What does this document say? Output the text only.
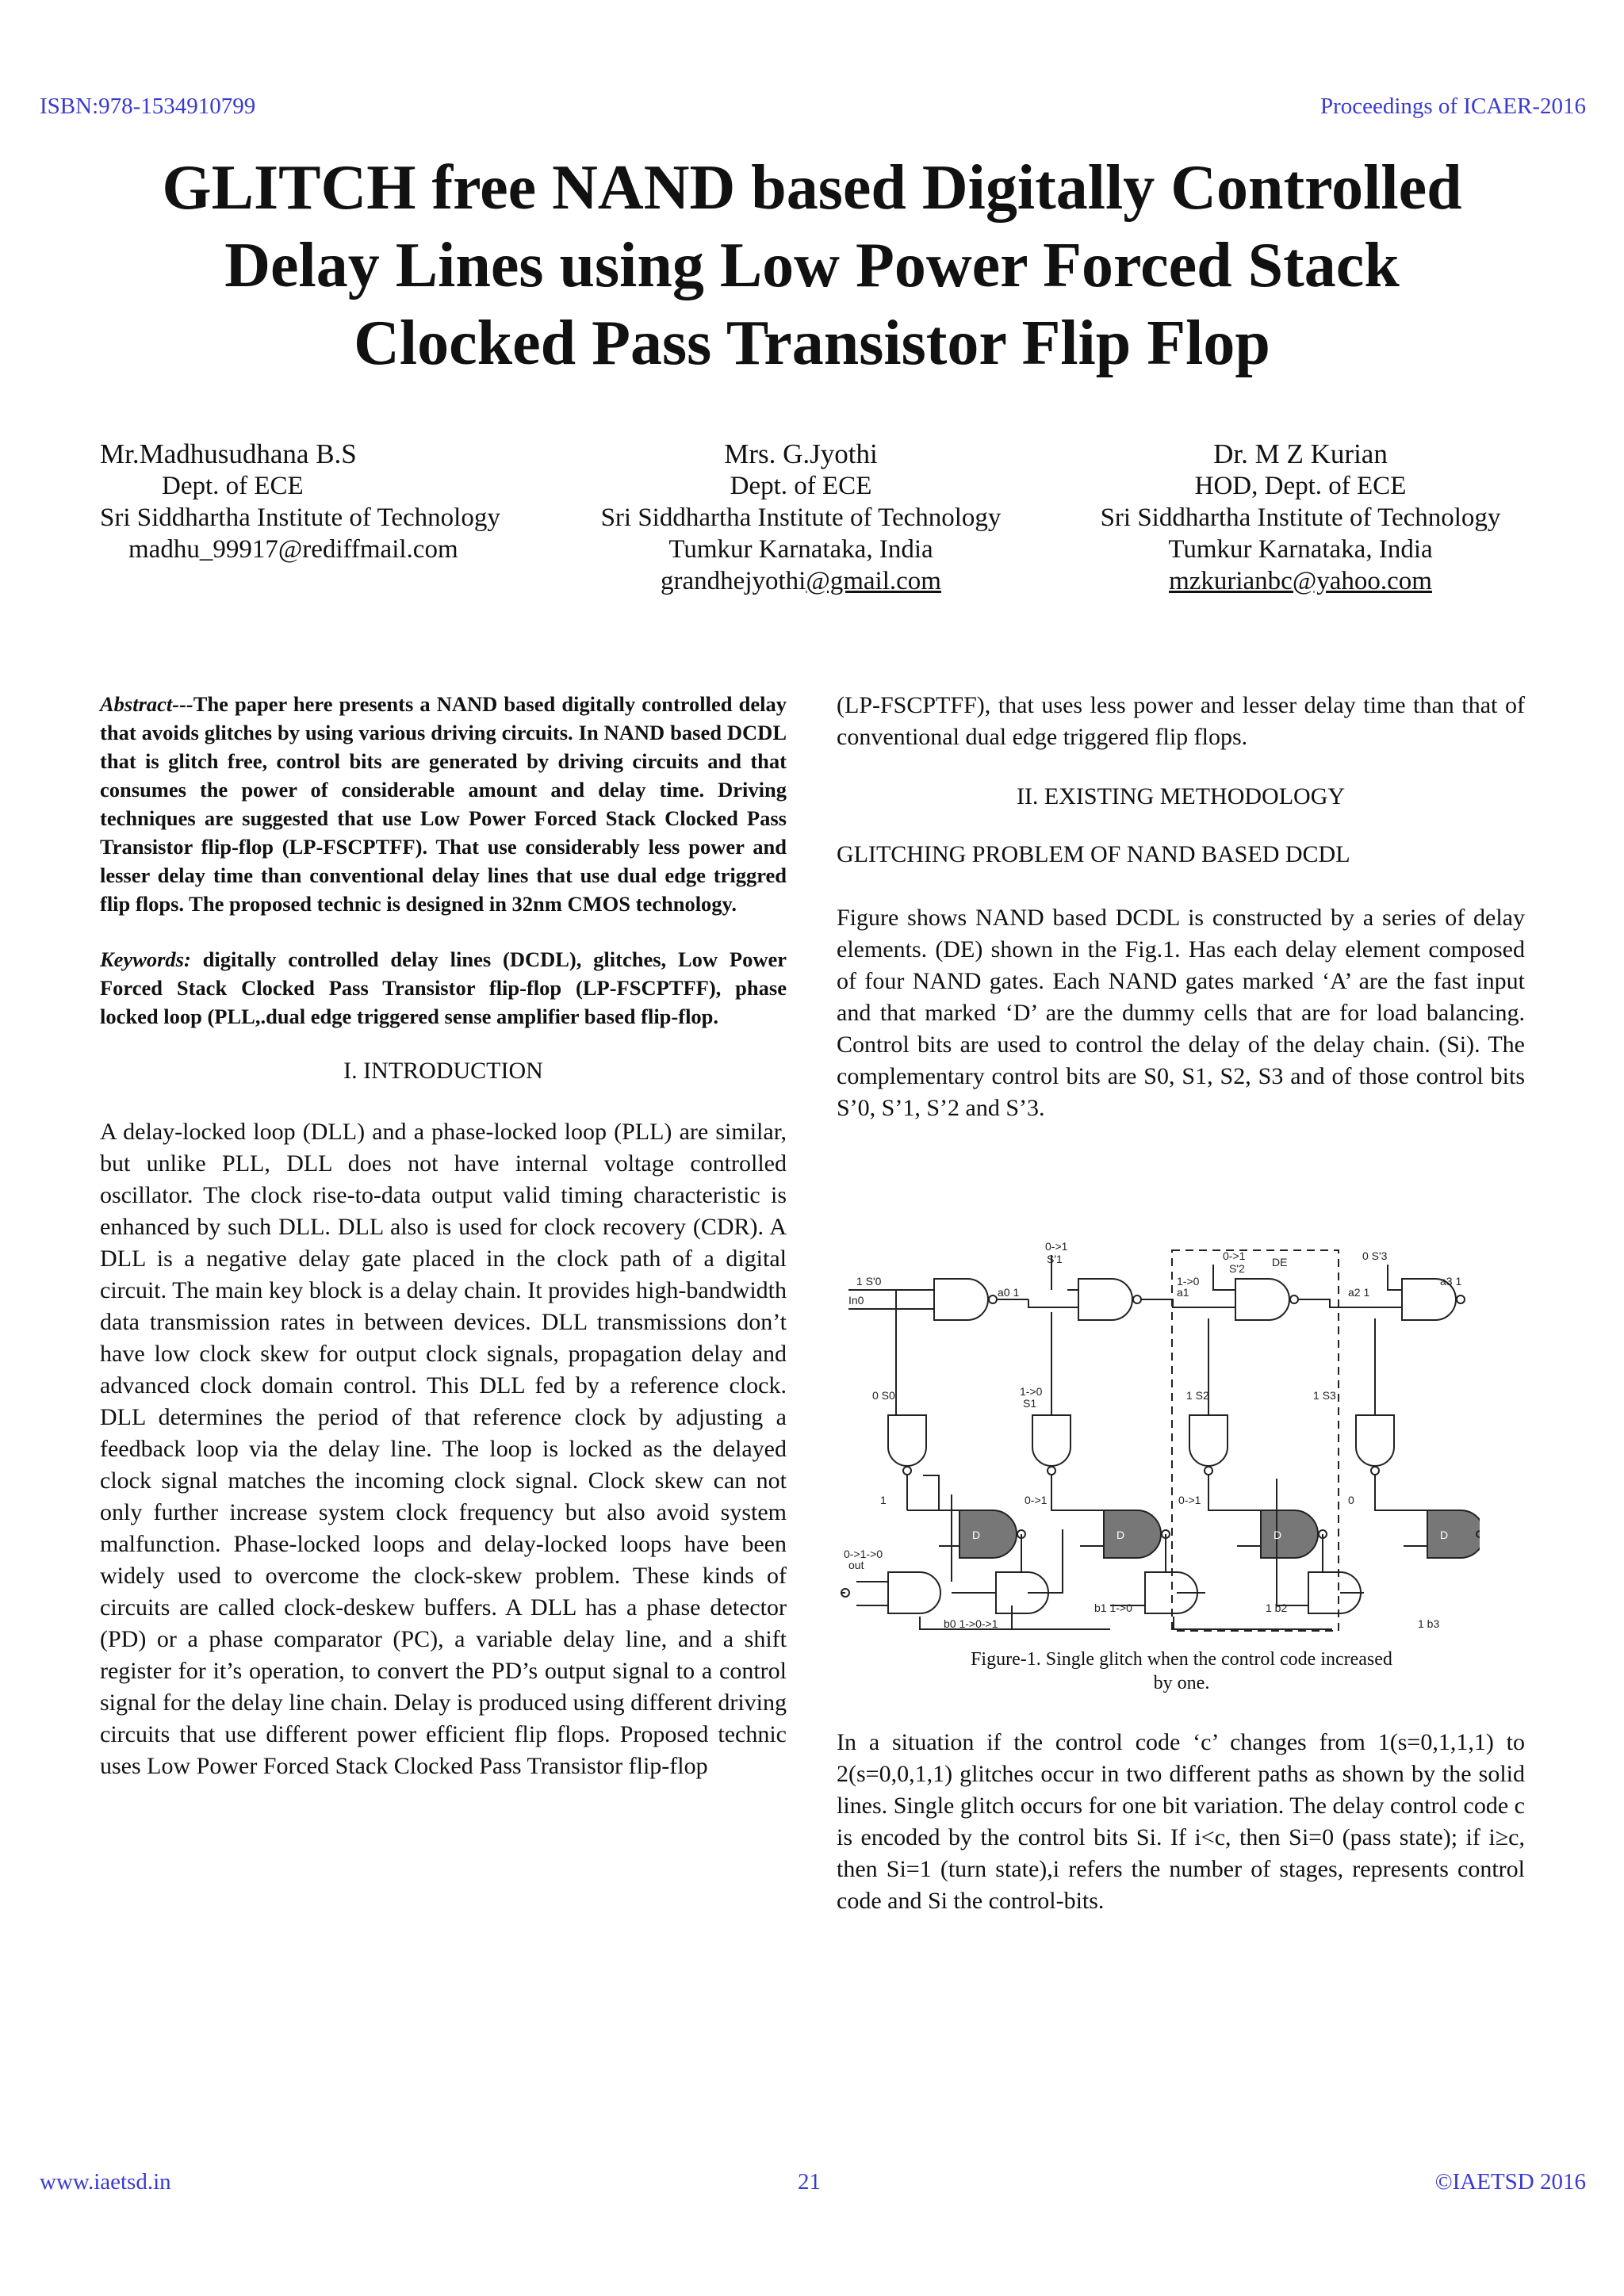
ISBN:978-1534910799	Proceedings of ICAER-2016
GLITCH free NAND based Digitally Controlled
Delay Lines using Low Power Forced Stack
Clocked Pass Transistor Flip Flop
Mr.Madhusudhana B.S
Dept. of ECE
Sri Siddhartha Institute of Technology
madhu_99917@rediffmail.com
Mrs. G.Jyothi
Dept. of ECE
Sri Siddhartha Institute of Technology
Tumkur Karnataka, India
grandhejyothi@gmail.com
Dr. M Z Kurian
HOD, Dept. of ECE
Sri Siddhartha Institute of Technology
Tumkur Karnataka, India
mzkurianbc@yahoo.com

Abstract---The paper here presents a NAND based digitally controlled delay that avoids glitches by using various driving circuits. In NAND based DCDL that is glitch free, control bits are generated by driving circuits and that consumes the power of considerable amount and delay time. Driving techniques are suggested that use Low Power Forced Stack Clocked Pass Transistor flip-flop (LP-FSCPTFF). That use considerably less power and lesser delay time than conventional delay lines that use dual edge triggred flip flops. The proposed technic is designed in 32nm CMOS technology.

Keywords: digitally controlled delay lines (DCDL), glitches, Low Power Forced Stack Clocked Pass Transistor flip-flop (LP-FSCPTFF), phase locked loop (PLL,.dual edge triggered sense amplifier based flip-flop.

I. INTRODUCTION
A delay-locked loop (DLL) and a phase-locked loop (PLL) are similar, but unlike PLL, DLL does not have internal voltage controlled oscillator. The clock rise-to-data output valid timing characteristic is enhanced by such DLL. DLL also is used for clock recovery (CDR). A DLL is a negative delay gate placed in the clock path of a digital circuit. The main key block is a delay chain. It provides high-bandwidth data transmission rates in between devices. DLL transmissions don’t have low clock skew for output clock signals, propagation delay and advanced clock domain control. This DLL fed by a reference clock. DLL determines the period of that reference clock by adjusting a feedback loop via the delay line. The loop is locked as the delayed clock signal matches the incoming clock signal. Clock skew can not only further increase system clock frequency but also avoid system malfunction. Phase-locked loops and delay-locked loops have been widely used to overcome the clock-skew problem. These kinds of circuits are called clock-deskew buffers. A DLL has a phase detector (PD) or a phase comparator (PC), a variable delay line, and a shift register for it’s operation, to convert the PD’s output signal to a control signal for the delay line chain. Delay is produced using different driving circuits that use different power efficient flip flops. Proposed technic uses Low Power Forced Stack Clocked Pass Transistor flip-flop
(LP-FSCPTFF), that uses less power and lesser delay time than that of conventional dual edge triggered flip flops.
II. EXISTING METHODOLOGY
GLITCHING PROBLEM OF NAND BASED DCDL
Figure shows NAND based DCDL is constructed by a series of delay elements. (DE) shown in the Fig.1. Has each delay element composed of four NAND gates. Each NAND gates marked ‘A’ are the fast input and that marked ‘D’ are the dummy cells that are for load balancing. Control bits are used to control the delay of the delay chain. (Si). The complementary control bits are S0, S1, S2, S3 and of those control bits S’0, S’1, S’2 and S’3.
1 S'0
In0
a0 1
0 S0
0->1
S'1
1->0
S1
1->0
a1
0->1
S'2 DE
1 S2
0 S'3
a2 1
1 S3
a3 1
1	0->1	0->1	0
0->1->0
out
D	D	D	D
b0 1->0->1
b1 1->0	1 b2
1 b3
Figure-1. Single glitch when the control code increased
by one.
In a situation if the control code ‘c’ changes from 1(s=0,1,1,1) to 2(s=0,0,1,1) glitches occur in two different paths as shown by the solid lines. Single glitch occurs for one bit variation. The delay control code c is encoded by the control bits Si. If i<c, then Si=0 (pass state); if i≥c, then Si=1 (turn state),i refers the number of stages, represents control code and Si the control-bits.
www.iaetsd.in	21	©IAETSD 2016
